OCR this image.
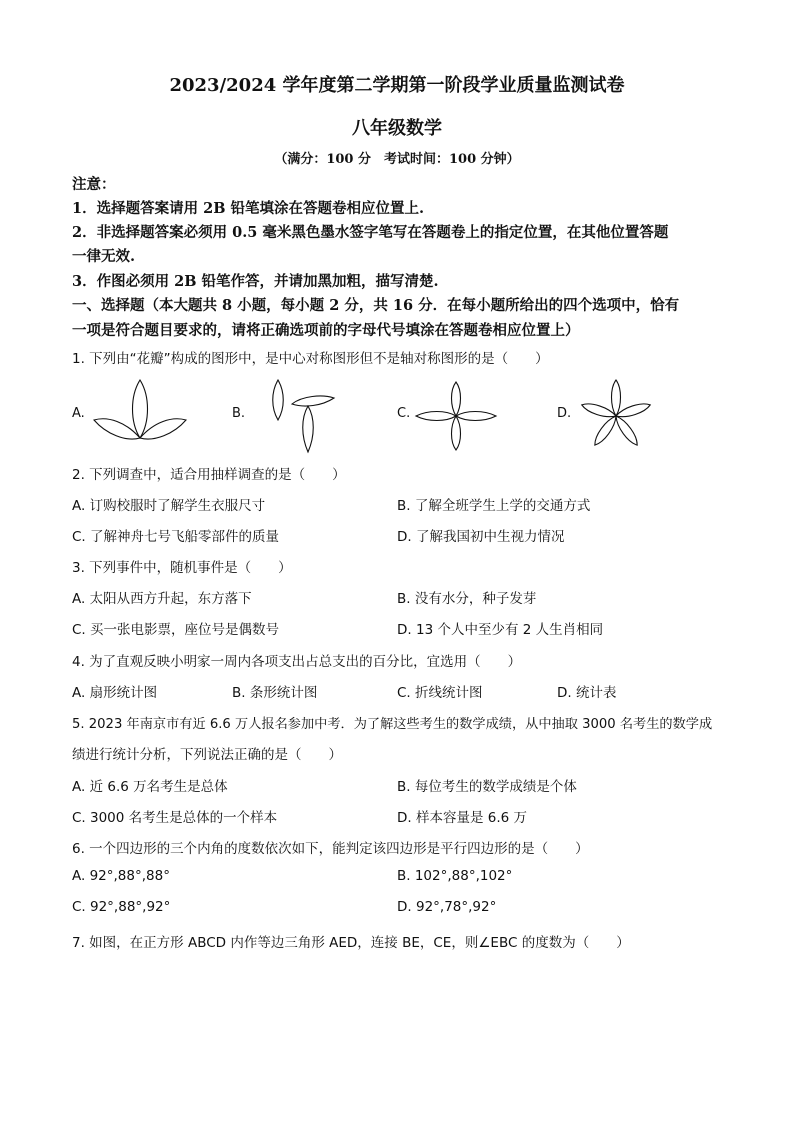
2023/2024 学年度第二学期第一阶段学业质量监测试卷
八年级数学
（满分：100 分　考试时间：100 分钟）
注意：
1．选择题答案请用 2B 铅笔填涂在答题卷相应位置上.
2．非选择题答案必须用 0.5 毫米黑色墨水签字笔写在答题卷上的指定位置，在其他位置答题
一律无效.
3．作图必须用 2B 铅笔作答，并请加黑加粗，描写清楚.
一、选择题（本大题共 8 小题，每小题 2 分，共 16 分．在每小题所给出的四个选项中，恰有
一项是符合题目要求的，请将正确选项前的字母代号填涂在答题卷相应位置上）
1. 下列由“花瓣”构成的图形中，是中心对称图形但不是轴对称图形的是（　　）
A.	B.	C.	D.
2. 下列调查中，适合用抽样调查的是（　　）
A. 订购校服时了解学生衣服尺寸	B. 了解全班学生上学的交通方式
C. 了解神舟七号飞船零部件的质量	D. 了解我国初中生视力情况
3. 下列事件中，随机事件是（　　）
A. 太阳从西方升起，东方落下	B. 没有水分，种子发芽
C. 买一张电影票，座位号是偶数号	D. 13 个人中至少有 2 人生肖相同
4. 为了直观反映小明家一周内各项支出占总支出的百分比，宜选用（　　）
A. 扇形统计图	B. 条形统计图	C. 折线统计图	D. 统计表
5. 2023 年南京市有近 6.6 万人报名参加中考．为了解这些考生的数学成绩，从中抽取 3000 名考生的数学成
绩进行统计分析，下列说法正确的是（　　）
A. 近 6.6 万名考生是总体	B. 每位考生的数学成绩是个体
C. 3000 名考生是总体的一个样本	D. 样本容量是 6.6 万
6. 一个四边形的三个内角的度数依次如下，能判定该四边形是平行四边形的是（　　）
A. 92°,88°,88°	B. 102°,88°,102°
C. 92°,88°,92°	D. 92°,78°,92°
7. 如图，在正方形 ABCD 内作等边三角形 AED，连接 BE，CE，则∠EBC 的度数为（　　）
